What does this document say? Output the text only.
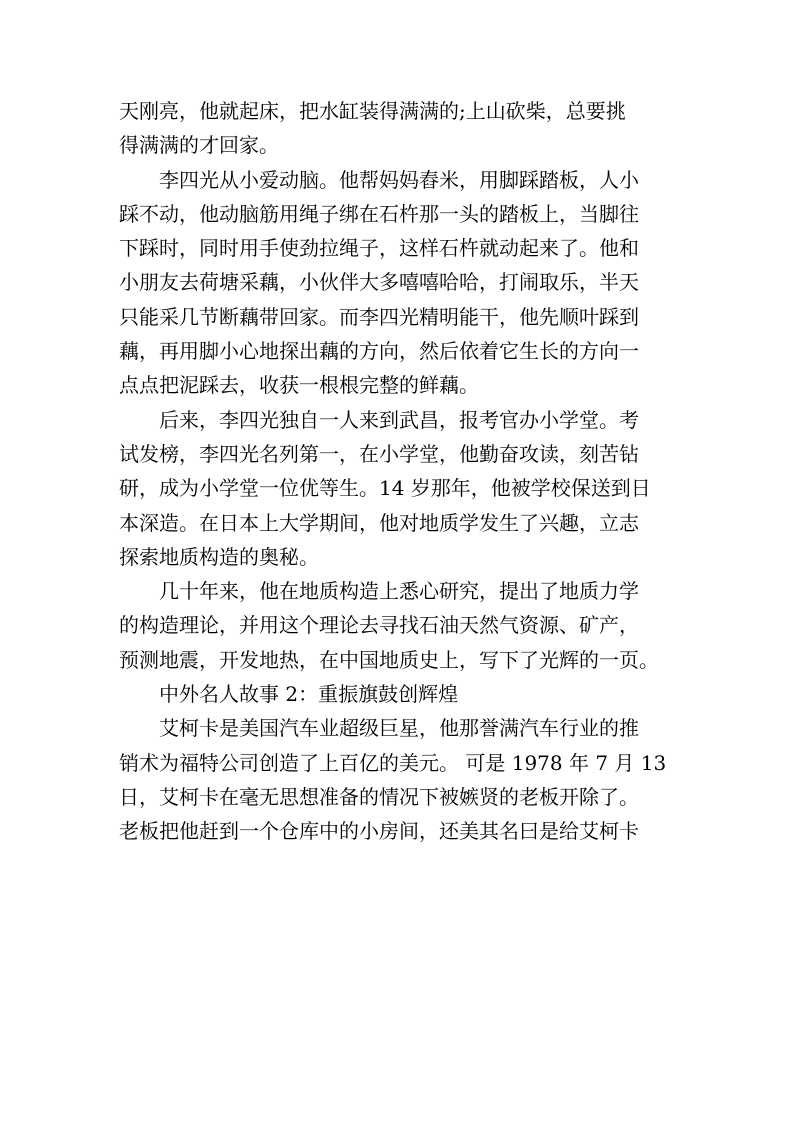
天刚亮，他就起床，把水缸装得满满的;上山砍柴，总要挑
得满满的才回家。
李四光从小爱动脑。他帮妈妈舂米，用脚踩踏板，人小
踩不动，他动脑筋用绳子绑在石杵那一头的踏板上，当脚往
下踩时，同时用手使劲拉绳子，这样石杵就动起来了。他和
小朋友去荷塘采藕，小伙伴大多嘻嘻哈哈，打闹取乐，半天
只能采几节断藕带回家。而李四光精明能干，他先顺叶踩到
藕，再用脚小心地探出藕的方向，然后依着它生长的方向一
点点把泥踩去，收获一根根完整的鲜藕。
后来，李四光独自一人来到武昌，报考官办小学堂。考
试发榜，李四光名列第一，在小学堂，他勤奋攻读，刻苦钻
研，成为小学堂一位优等生。14 岁那年，他被学校保送到日
本深造。在日本上大学期间，他对地质学发生了兴趣，立志
探索地质构造的奥秘。
几十年来，他在地质构造上悉心研究，提出了地质力学
的构造理论，并用这个理论去寻找石油天然气资源、矿产，
预测地震，开发地热，在中国地质史上，写下了光辉的一页。
中外名人故事 2：重振旗鼓创辉煌
艾柯卡是美国汽车业超级巨星，他那誉满汽车行业的推
销术为福特公司创造了上百亿的美元。 可是 1978 年 7 月 13
日，艾柯卡在毫无思想准备的情况下被嫉贤的老板开除了。
老板把他赶到一个仓库中的小房间，还美其名曰是给艾柯卡
